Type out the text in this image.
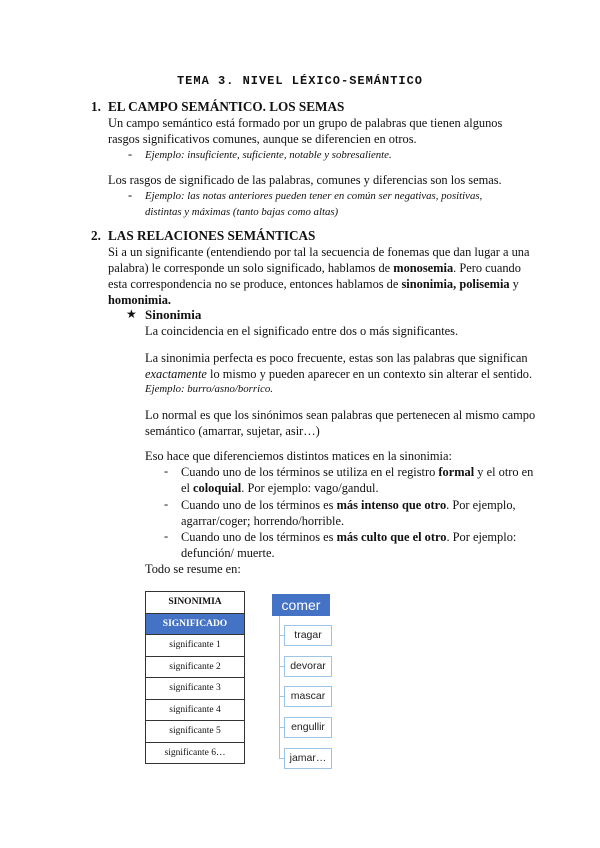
TEMA 3. NIVEL LÉXICO-SEMÁNTICO
1. EL CAMPO SEMÁNTICO. LOS SEMAS
Un campo semántico está formado por un grupo de palabras que tienen algunos
rasgos significativos comunes, aunque se diferencien en otros.
- Ejemplo: insuficiente, suficiente, notable y sobresaliente.
Los rasgos de significado de las palabras, comunes y diferencias son los semas.
- Ejemplo: las notas anteriores pueden tener en común ser negativas, positivas,
distintas y máximas (tanto bajas como altas)
2. LAS RELACIONES SEMÁNTICAS
Si a un significante (entendiendo por tal la secuencia de fonemas que dan lugar a una
palabra) le corresponde un solo significado, hablamos de monosemia. Pero cuando
esta correspondencia no se produce, entonces hablamos de sinonimia, polisemia y
homonimia.
★ Sinonimia
La coincidencia en el significado entre dos o más significantes.
La sinonimia perfecta es poco frecuente, estas son las palabras que significan
exactamente lo mismo y pueden aparecer en un contexto sin alterar el sentido.
Ejemplo: burro/asno/borrico.
Lo normal es que los sinónimos sean palabras que pertenecen al mismo campo
semántico (amarrar, sujetar, asir…)
Eso hace que diferenciemos distintos matices en la sinonimia:
- Cuando uno de los términos se utiliza en el registro formal y el otro en
el coloquial. Por ejemplo: vago/gandul.
- Cuando uno de los términos es más intenso que otro. Por ejemplo,
agarrar/coger; horrendo/horrible.
- Cuando uno de los términos es más culto que el otro. Por ejemplo:
defunción/ muerte.
Todo se resume en:
SINONIMIA
SIGNIFICADO
significante 1
significante 2
significante 3
significante 4
significante 5
significante 6…
comer
tragar
devorar
mascar
engullir
jamar…
